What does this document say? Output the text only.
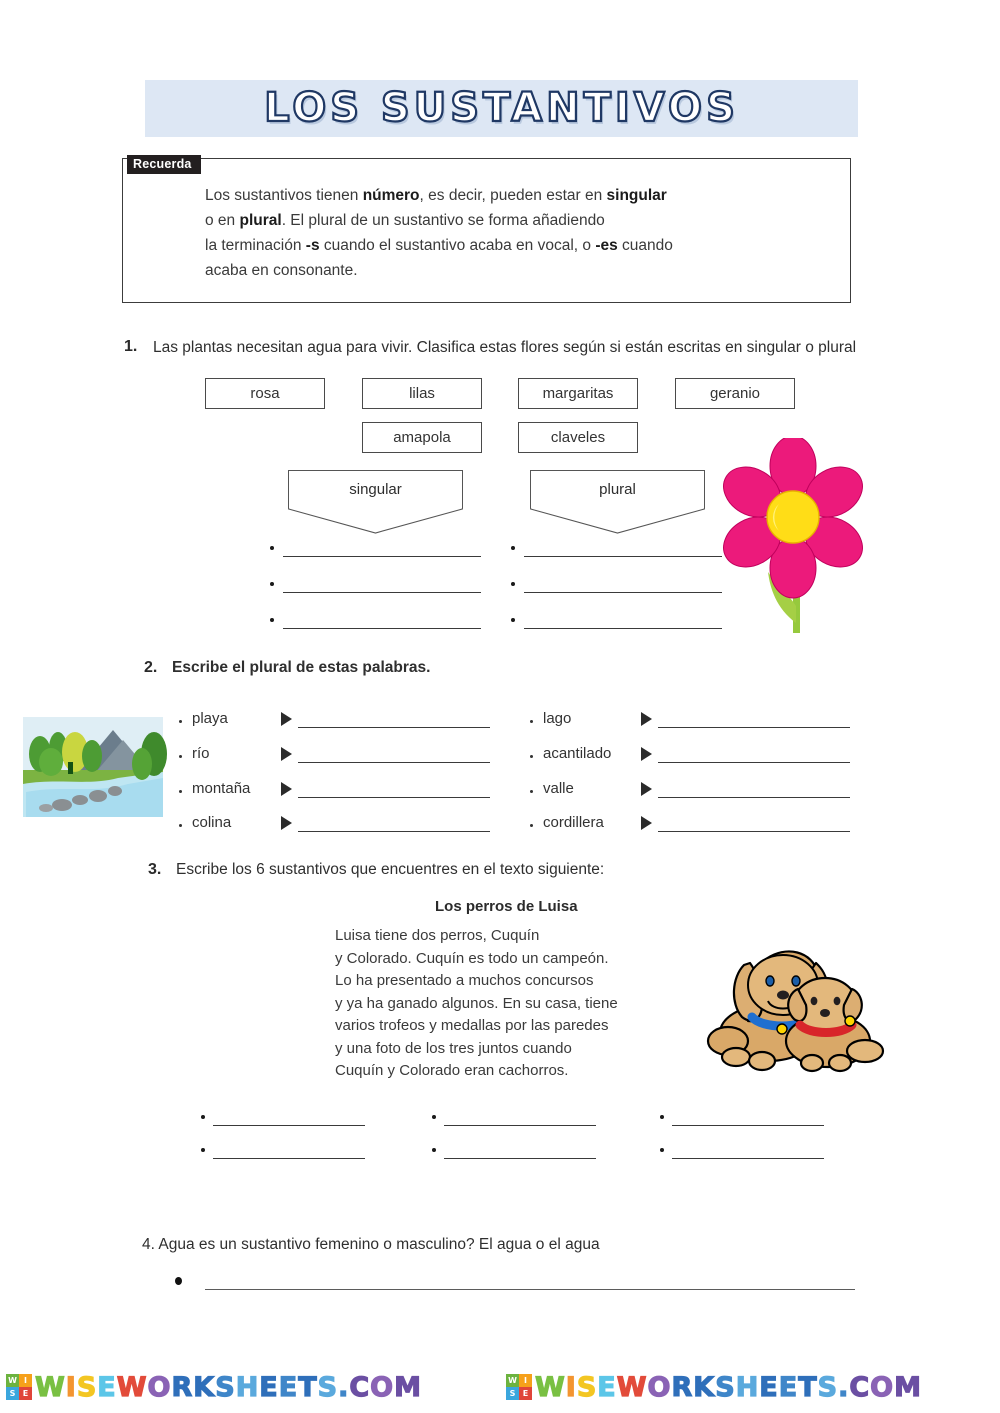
LOS SUSTANTIVOS
Recuerda
Los sustantivos tienen número, es decir, pueden estar en singular
o en plural. El plural de un sustantivo se forma añadiendo
la terminación -s cuando el sustantivo acaba en vocal, o -es cuando
acaba en consonante.
1. Las plantas necesitan agua para vivir. Clasifica estas flores según si están escritas en singular o plural
rosa	lilas	margaritas	geranio
amapola	claveles
singular	plural
2. Escribe el plural de estas palabras.
playa
río
montaña
colina
lago
acantilado
valle
cordillera
3. Escribe los 6 sustantivos que encuentres en el texto siguiente:
Los perros de Luisa
Luisa tiene dos perros, Cuquín
y Colorado. Cuquín es todo un campeón.
Lo ha presentado a muchos concursos
y ya ha ganado algunos. En su casa, tiene
varios trofeos y medallas por las paredes
y una foto de los tres juntos cuando
Cuquín y Colorado eran cachorros.
4. Agua es un sustantivo femenino o masculino? El agua o el agua
W I
S E WISEWORKSHEETS.COM	W I
S E WISEWORKSHEETS.COM
